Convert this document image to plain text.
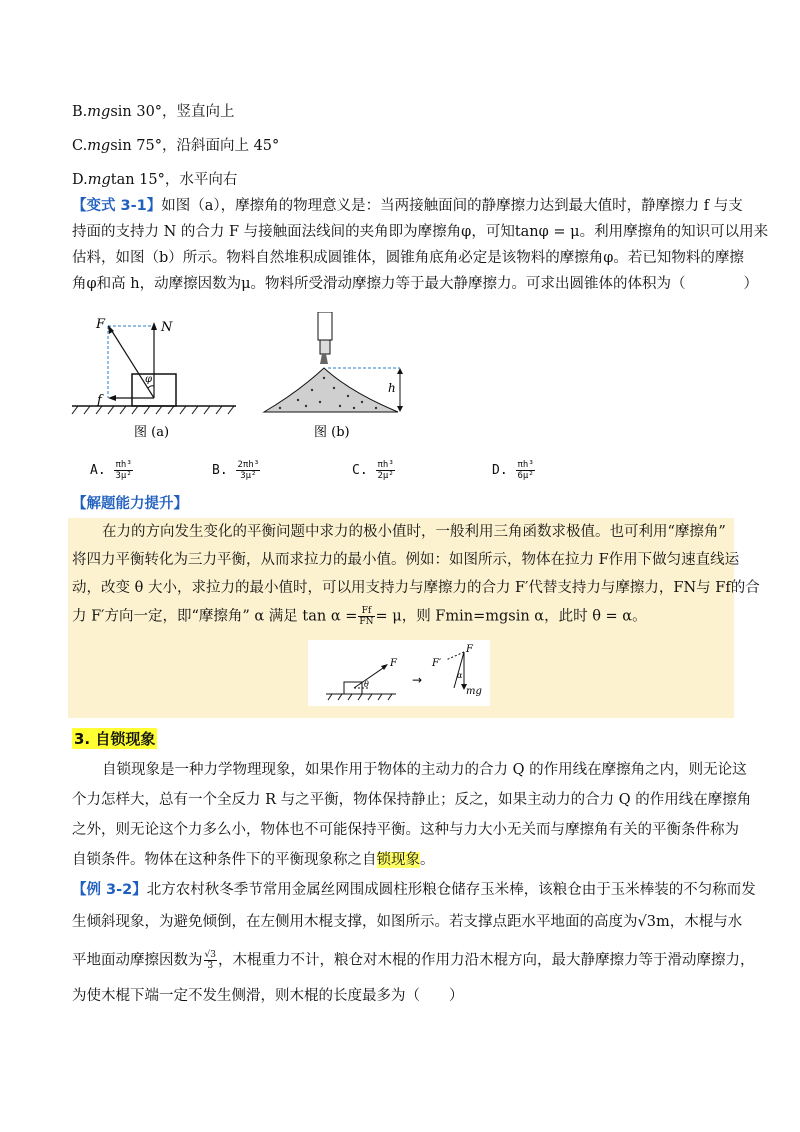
B.mgsin 30°，竖直向上
C.mgsin 75°，沿斜面向上 45°
D.mgtan 15°，水平向右
【变式 3-1】如图（a），摩擦角的物理意义是：当两接触面间的静摩擦力达到最大值时，静摩擦力 f 与支
持面的支持力 N 的合力 F 与接触面法线间的夹角即为摩擦角φ，可知tanφ = μ。利用摩擦角的知识可以用来
估料，如图（b）所示。物料自然堆积成圆锥体，圆锥角底角必定是该物料的摩擦角φ。若已知物料的摩擦
角φ和高 h，动摩擦因数为μ。物料所受滑动摩擦力等于最大静摩擦力。可求出圆锥体的体积为（　　　　）
F	N
f
φ
图 (a)
h
图 (b)
A. $\frac{\text{πh³}}{\text{3μ²}}$	B. $\frac{\text{2πh³}}{\text{3μ²}}$	C. $\frac{\text{πh³}}{\text{2μ²}}$	D. $\frac{\text{πh³}}{\text{6μ²}}$
【解题能力提升】
在力的方向发生变化的平衡问题中求力的极小值时，一般利用三角函数求极值。也可利用“摩擦角”
将四力平衡转化为三力平衡，从而求拉力的最小值。例如：如图所示，物体在拉力 F作用下做匀速直线运
动，改变 θ 大小，求拉力的最小值时，可以用支持力与摩擦力的合力 F′代替支持力与摩擦力，FN与 Ff的合
力 F′方向一定，即“摩擦角” α 满足 $\tan \alpha = \frac{Ff}{FN} = \mu$，则 Fmin=mgsin α，此时 θ = α。
F
θ	→
F′
F
α
mg
3. 自锁现象
自锁现象是一种力学物理现象，如果作用于物体的主动力的合力 Q 的作用线在摩擦角之内，则无论这
个力怎样大，总有一个全反力 R 与之平衡，物体保持静止；反之，如果主动力的合力 Q 的作用线在摩擦角
之外，则无论这个力多么小，物体也不可能保持平衡。这种与力大小无关而与摩擦角有关的平衡条件称为
自锁条件。物体在这种条件下的平衡现象称之自锁现象。
【例 3-2】北方农村秋冬季节常用金属丝网围成圆柱形粮仓储存玉米棒，该粮仓由于玉米棒装的不匀称而发
生倾斜现象，为避免倾倒，在左侧用木棍支撑，如图所示。若支撑点距水平地面的高度为√3m，木棍与水
平地面动摩擦因数为 $\frac{√3}{3}$ ，木棍重力不计，粮仓对木棍的作用力沿木棍方向，最大静摩擦力等于滑动摩擦力，
为使木棍下端一定不发生侧滑，则木棍的长度最多为（　　）
